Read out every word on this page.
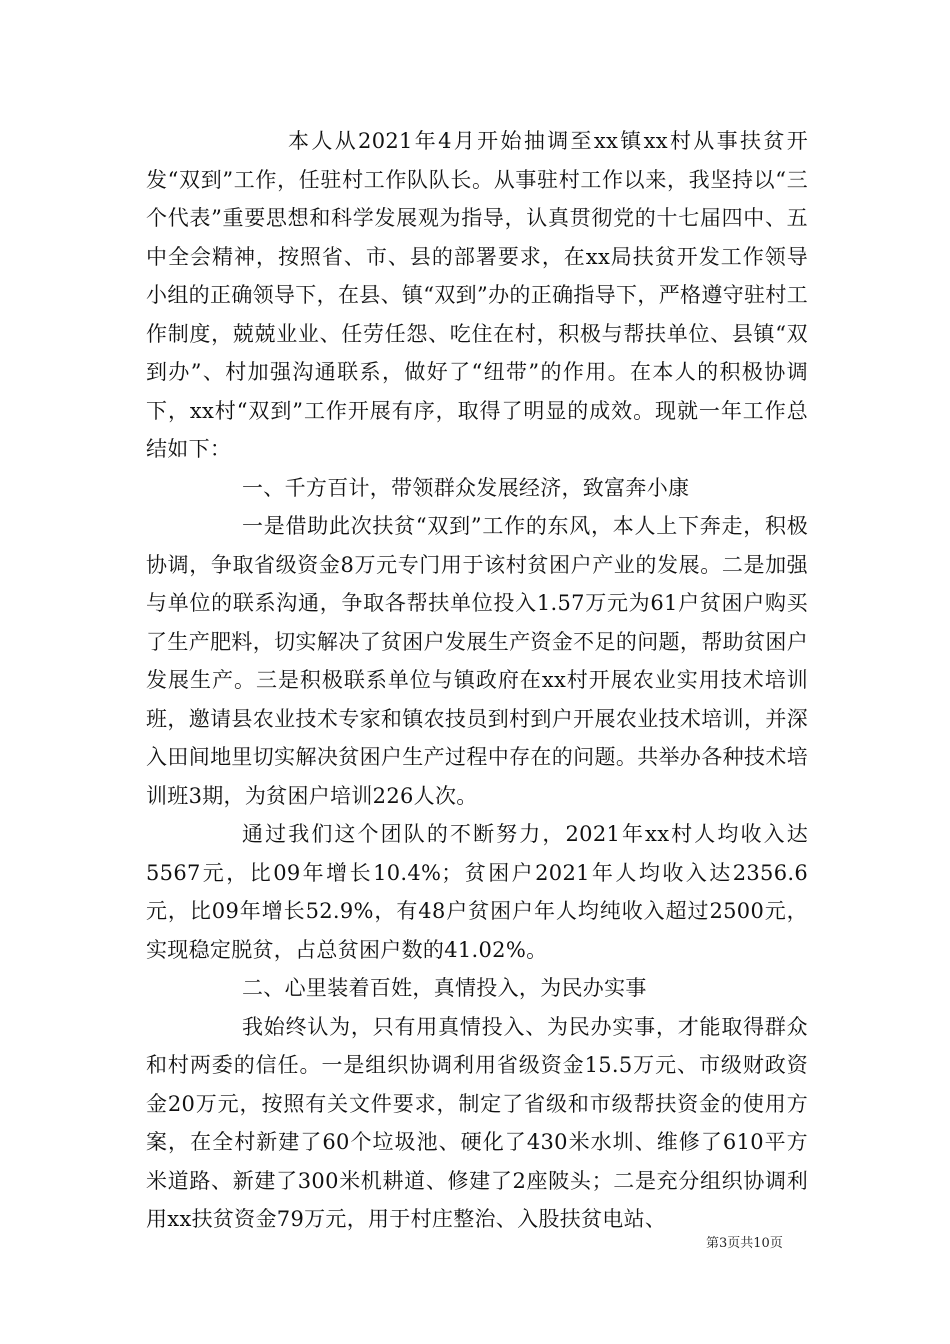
本人从2021年4月开始抽调至xx镇xx村从事扶贫开发“双到”工作，任驻村工作队队长。从事驻村工作以来，我坚持以“三个代表”重要思想和科学发展观为指导，认真贯彻党的十七届四中、五中全会精神，按照省、市、县的部署要求，在xx局扶贫开发工作领导小组的正确领导下，在县、镇“双到”办的正确指导下，严格遵守驻村工作制度，兢兢业业、任劳任怨、吃住在村，积极与帮扶单位、县镇“双到办”、村加强沟通联系，做好了“纽带”的作用。在本人的积极协调下，xx村“双到”工作开展有序，取得了明显的成效。现就一年工作总结如下：

一、千方百计，带领群众发展经济，致富奔小康

一是借助此次扶贫“双到”工作的东风，本人上下奔走，积极协调，争取省级资金8万元专门用于该村贫困户产业的发展。二是加强与单位的联系沟通，争取各帮扶单位投入1.57万元为61户贫困户购买了生产肥料，切实解决了贫困户发展生产资金不足的问题，帮助贫困户发展生产。三是积极联系单位与镇政府在xx村开展农业实用技术培训班，邀请县农业技术专家和镇农技员到村到户开展农业技术培训，并深入田间地里切实解决贫困户生产过程中存在的问题。共举办各种技术培训班3期，为贫困户培训226人次。

通过我们这个团队的不断努力，2021年xx村人均收入达5567元，比09年增长10.4%；贫困户2021年人均收入达2356.6元，比09年增长52.9%，有48户贫困户年人均纯收入超过2500元，实现稳定脱贫，占总贫困户数的41.02%。

二、心里装着百姓，真情投入，为民办实事

我始终认为，只有用真情投入、为民办实事，才能取得群众和村两委的信任。一是组织协调利用省级资金15.5万元、市级财政资金20万元，按照有关文件要求，制定了省级和市级帮扶资金的使用方案，在全村新建了60个垃圾池、硬化了430米水圳、维修了610平方米道路、新建了300米机耕道、修建了2座陂头；二是充分组织协调利用xx扶贫资金79万元，用于村庄整治、入股扶贫电站、

第3页共10页
